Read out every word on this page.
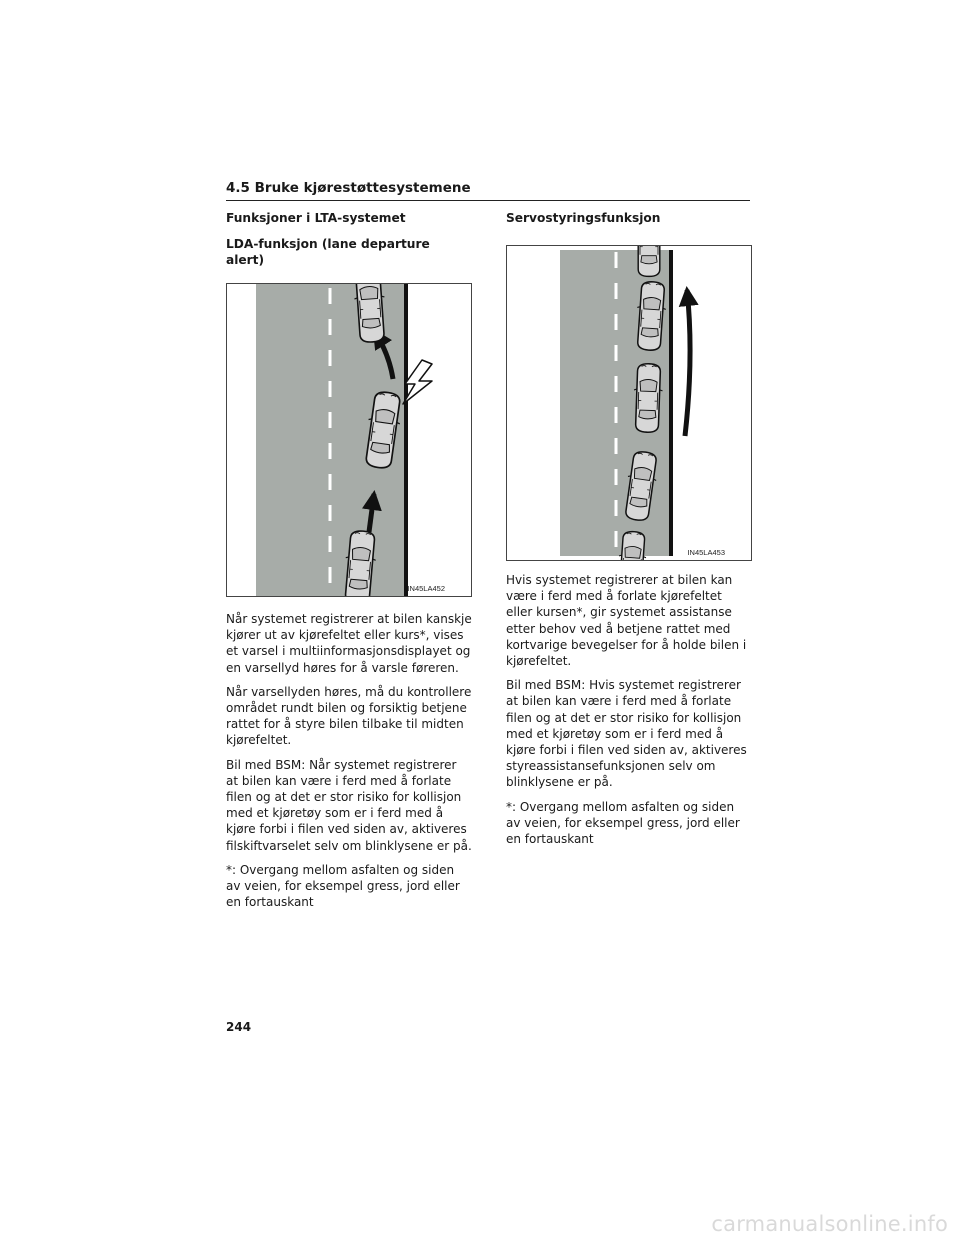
4.5 Bruke kjørestøttesystemene

Funksjoner i LTA-systemet

LDA-funksjon (lane departure alert)

IN45LA452

Når systemet registrerer at bilen kanskje kjører ut av kjørefeltet eller kurs*, vises et varsel i multiinformasjonsdisplayet og en varsellyd høres for å varsle føreren.

Når varsellyden høres, må du kontrollere området rundt bilen og forsiktig betjene rattet for å styre bilen tilbake til midten kjørefeltet.

Bil med BSM: Når systemet registrerer at bilen kan være i ferd med å forlate filen og at det er stor risiko for kollisjon med et kjøretøy som er i ferd med å kjøre forbi i filen ved siden av, aktiveres filskiftvarselet selv om blinklysene er på.

*: Overgang mellom asfalten og siden av veien, for eksempel gress, jord eller en fortauskant

Servostyringsfunksjon

IN45LA453

Hvis systemet registrerer at bilen kan være i ferd med å forlate kjørefeltet eller kursen*, gir systemet assistanse etter behov ved å betjene rattet med kortvarige bevegelser for å holde bilen i kjørefeltet.

Bil med BSM: Hvis systemet registrerer at bilen kan være i ferd med å forlate filen og at det er stor risiko for kollisjon med et kjøretøy som er i ferd med å kjøre forbi i filen ved siden av, aktiveres styreassistansefunksjonen selv om blinklysene er på.

*: Overgang mellom asfalten og siden av veien, for eksempel gress, jord eller en fortauskant

244
carmanualsonline.info
